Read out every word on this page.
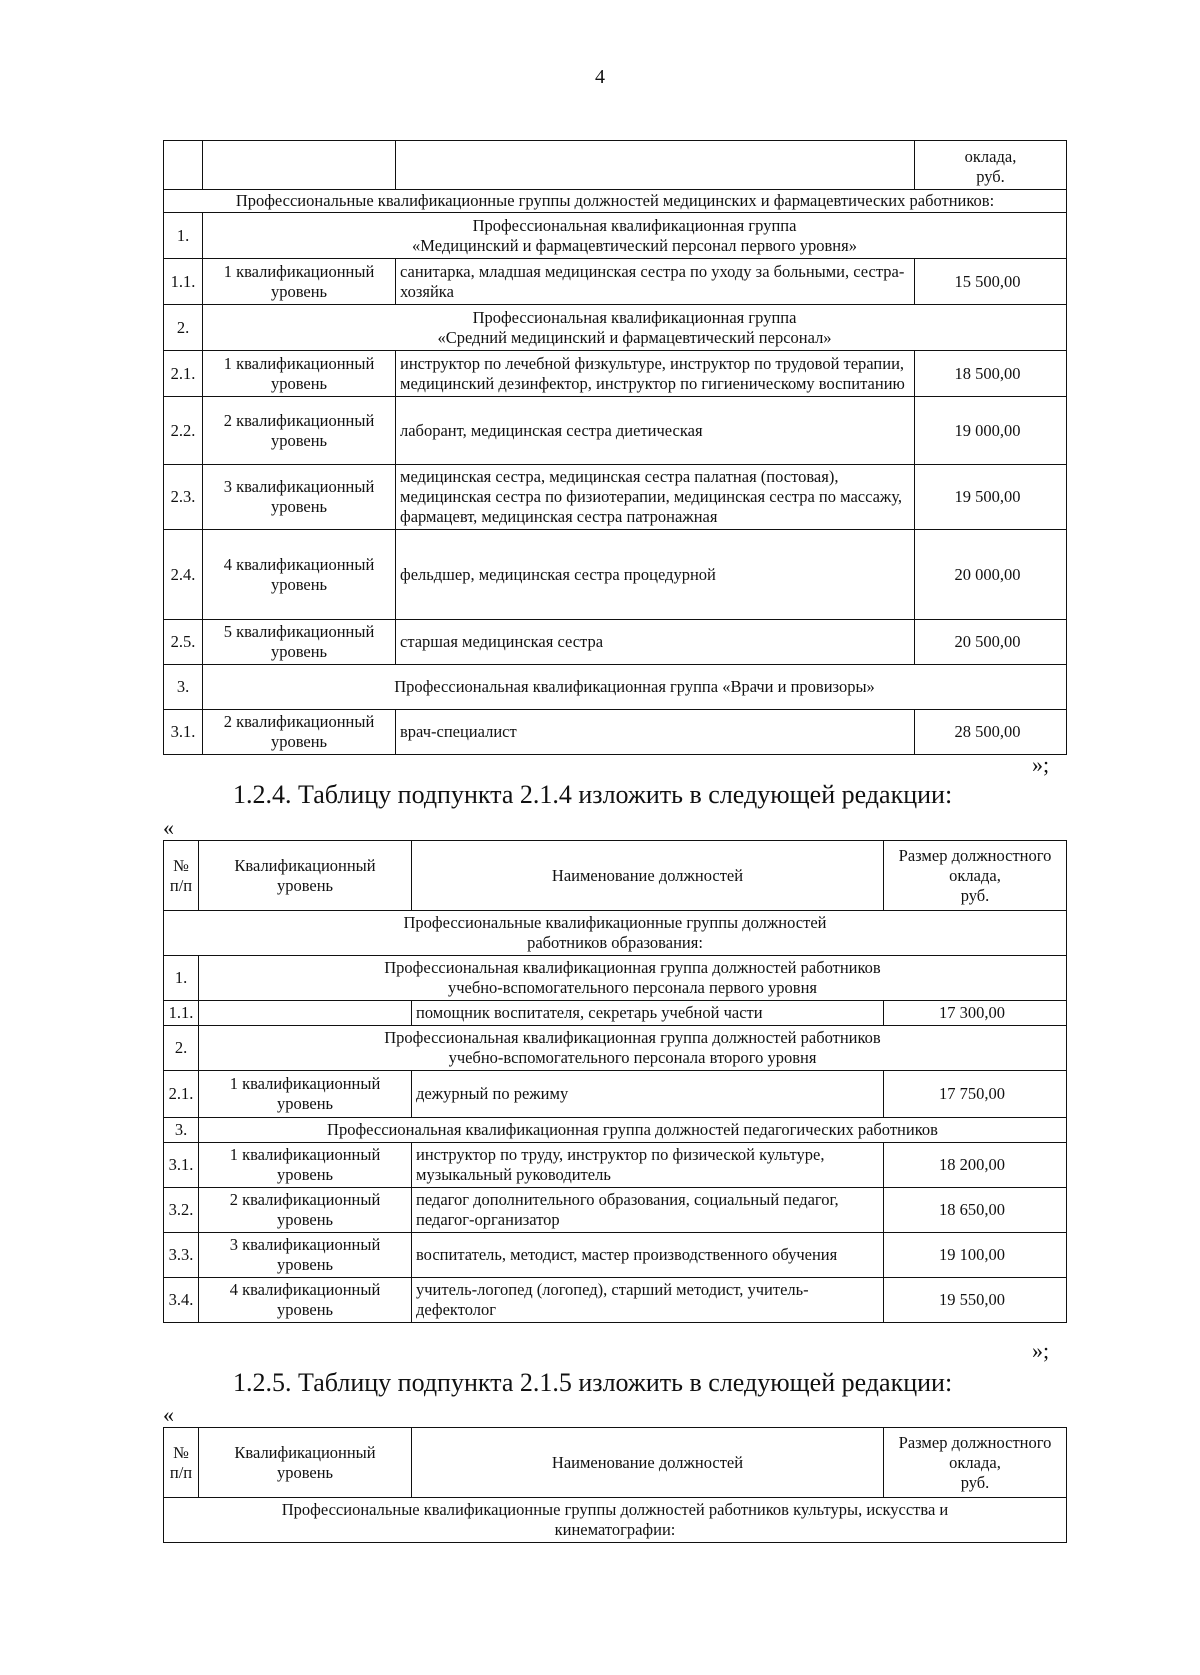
4
			оклада,
руб.
Профессиональные квалификационные группы должностей медицинских и фармацевтических работников:			
1.	Профессиональная квалификационная группа
«Медицинский и фармацевтический персонал первого уровня»		
1.1.	1 квалификационный уровень	санитарка, младшая медицинская сестра по уходу за больными, сестра-хозяйка	15 500,00
2.	Профессиональная квалификационная группа
«Средний медицинский и фармацевтический персонал»		
2.1.	1 квалификационный уровень	инструктор по лечебной физкультуре, инструктор по трудовой терапии, медицинский дезинфектор, инструктор по гигиеническому воспитанию	18 500,00
2.2.	2 квалификационный уровень	лаборант, медицинская сестра диетическая	19 000,00
2.3.	3 квалификационный уровень	медицинская сестра, медицинская сестра палатная (постовая), медицинская сестра по физиотерапии, медицинская сестра по массажу, фармацевт, медицинская сестра патронажная	19 500,00
2.4.	4 квалификационный уровень	фельдшер, медицинская сестра процедурной	20 000,00
2.5.	5 квалификационный уровень	старшая медицинская сестра	20 500,00
3.	Профессиональная квалификационная группа «Врачи и провизоры»		
3.1.	2 квалификационный уровень	врач-специалист	28 500,00
»;
1.2.4. Таблицу подпункта 2.1.4 изложить в следующей редакции:
«
№
п/п	Квалификационный
уровень	Наименование должностей	Размер должностного
оклада,
руб.
Профессиональные квалификационные группы должностей
работников образования:			
1.	Профессиональная квалификационная группа должностей работников
учебно-вспомогательного персонала первого уровня		
1.1.		помощник воспитателя, секретарь учебной части	17 300,00
2.	Профессиональная квалификационная группа должностей работников
учебно-вспомогательного персонала второго уровня		
2.1.	1 квалификационный уровень	дежурный по режиму	17 750,00
3.	Профессиональная квалификационная группа должностей педагогических работников		
3.1.	1 квалификационный уровень	инструктор по труду, инструктор по физической культуре, музыкальный руководитель	18 200,00
3.2.	2 квалификационный уровень	педагог дополнительного образования, социальный педагог, педагог-организатор	18 650,00
3.3.	3 квалификационный уровень	воспитатель, методист, мастер производственного обучения	19 100,00
3.4.	4 квалификационный уровень	учитель-логопед (логопед), старший методист, учитель-дефектолог	19 550,00
»;
1.2.5. Таблицу подпункта 2.1.5 изложить в следующей редакции:
«
№
п/п	Квалификационный
уровень	Наименование должностей	Размер должностного
оклада,
руб.
Профессиональные квалификационные группы должностей работников культуры, искусства и
кинематографии:
